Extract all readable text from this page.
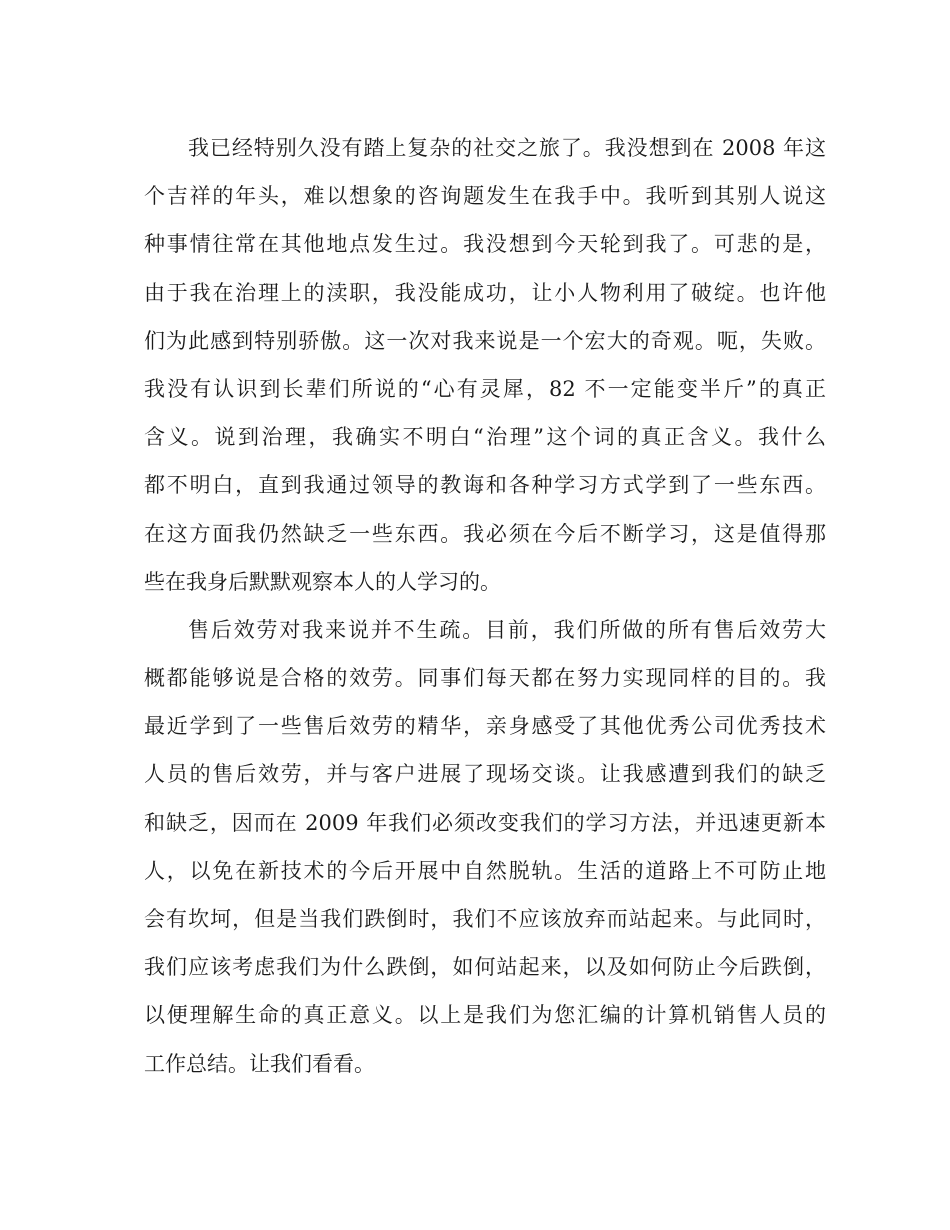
我已经特别久没有踏上复杂的社交之旅了。我没想到在 2008 年这
个吉祥的年头，难以想象的咨询题发生在我手中。我听到其别人说这
种事情往常在其他地点发生过。我没想到今天轮到我了。可悲的是，
由于我在治理上的渎职，我没能成功，让小人物利用了破绽。也许他
们为此感到特别骄傲。这一次对我来说是一个宏大的奇观。呃，失败。
我没有认识到长辈们所说的“心有灵犀，82 不一定能变半斤”的真正
含义。说到治理，我确实不明白“治理”这个词的真正含义。我什么
都不明白，直到我通过领导的教诲和各种学习方式学到了一些东西。
在这方面我仍然缺乏一些东西。我必须在今后不断学习，这是值得那
些在我身后默默观察本人的人学习的。
售后效劳对我来说并不生疏。目前，我们所做的所有售后效劳大
概都能够说是合格的效劳。同事们每天都在努力实现同样的目的。我
最近学到了一些售后效劳的精华，亲身感受了其他优秀公司优秀技术
人员的售后效劳，并与客户进展了现场交谈。让我感遭到我们的缺乏
和缺乏，因而在 2009 年我们必须改变我们的学习方法，并迅速更新本
人，以免在新技术的今后开展中自然脱轨。生活的道路上不可防止地
会有坎坷，但是当我们跌倒时，我们不应该放弃而站起来。与此同时，
我们应该考虑我们为什么跌倒，如何站起来，以及如何防止今后跌倒，
以便理解生命的真正意义。以上是我们为您汇编的计算机销售人员的
工作总结。让我们看看。
